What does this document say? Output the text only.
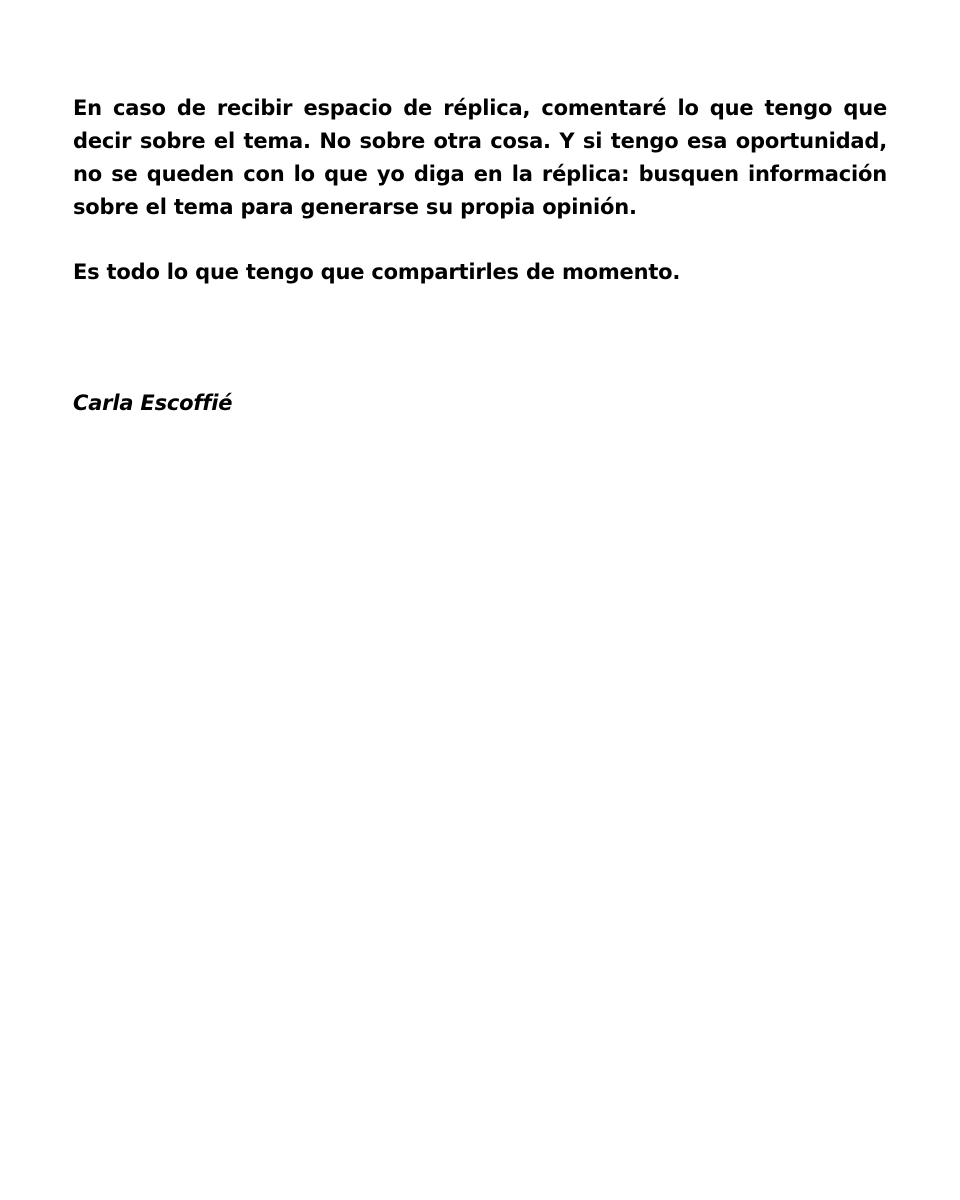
En caso de recibir espacio de réplica, comentaré lo que tengo que decir sobre el tema. No sobre otra cosa. Y si tengo esa oportunidad, no se queden con lo que yo diga en la réplica: busquen información sobre el tema para generarse su propia opinión.

Es todo lo que tengo que compartirles de momento.

Carla Escoffié
